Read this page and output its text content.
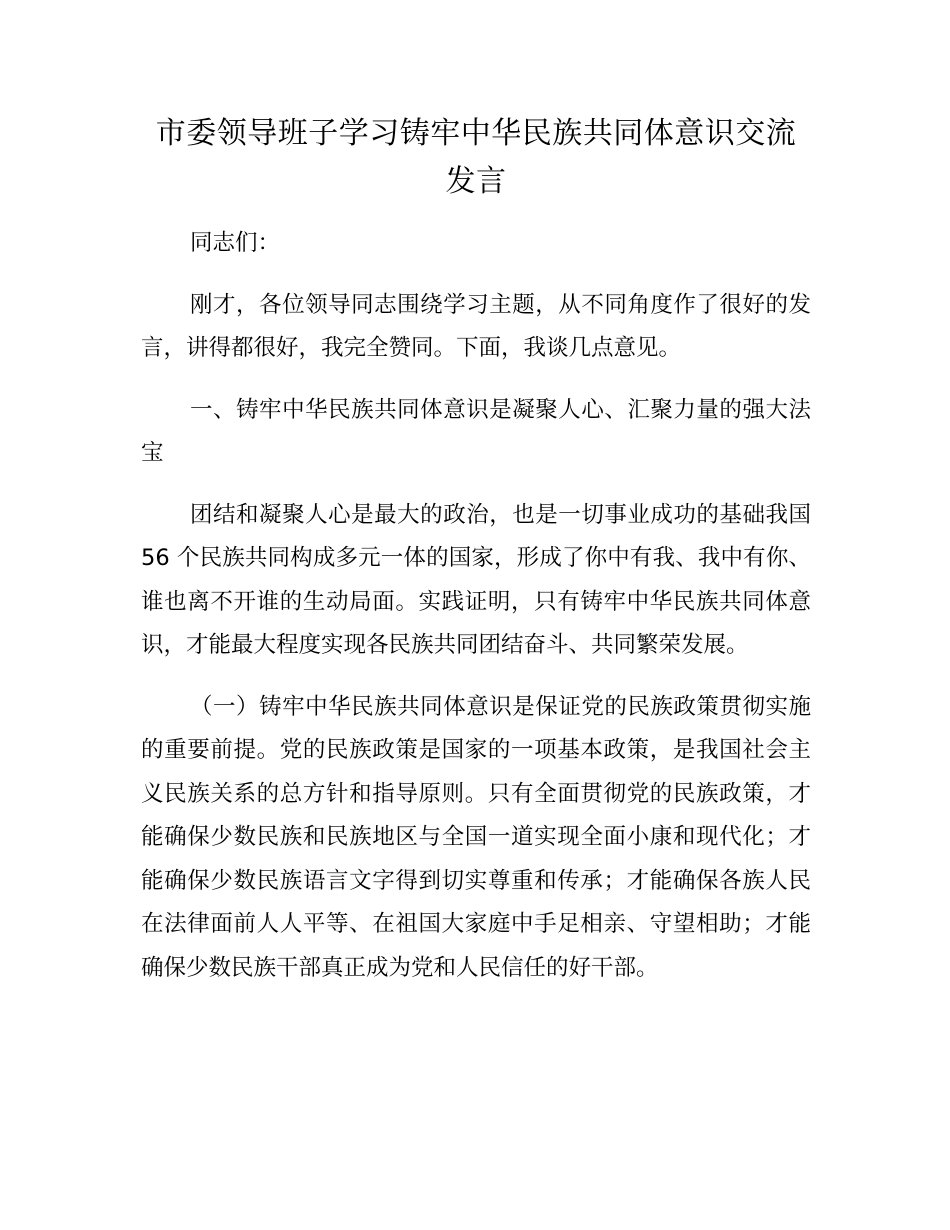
市委领导班子学习铸牢中华民族共同体意识交流发言

同志们：

刚才，各位领导同志围绕学习主题，从不同角度作了很好的发言，讲得都很好，我完全赞同。下面，我谈几点意见。

一、铸牢中华民族共同体意识是凝聚人心、汇聚力量的强大法宝

团结和凝聚人心是最大的政治，也是一切事业成功的基础我国 56 个民族共同构成多元一体的国家，形成了你中有我、我中有你、谁也离不开谁的生动局面。实践证明，只有铸牢中华民族共同体意识，才能最大程度实现各民族共同团结奋斗、共同繁荣发展。

（一）铸牢中华民族共同体意识是保证党的民族政策贯彻实施的重要前提。党的民族政策是国家的一项基本政策，是我国社会主义民族关系的总方针和指导原则。只有全面贯彻党的民族政策，才能确保少数民族和民族地区与全国一道实现全面小康和现代化；才能确保少数民族语言文字得到切实尊重和传承；才能确保各族人民在法律面前人人平等、在祖国大家庭中手足相亲、守望相助；才能确保少数民族干部真正成为党和人民信任的好干部。
